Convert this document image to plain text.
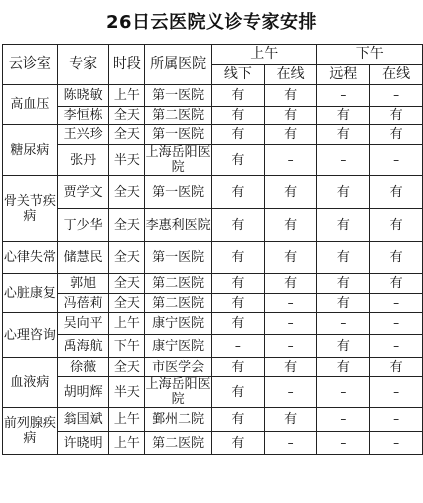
26日云医院义诊专家安排
云诊室	专家	时段	所属医院	上午		下午	
				线下	在线	远程	在线
高血压	陈晓敏	上午	第一医院	有	有	–	–
	李恒栋	全天	第二医院	有	有	有	有
糖尿病	王兴珍	全天	第一医院	有	有	有	有
	张丹	半天	上海岳阳医院	有	–	–	–
骨关节疾病	贾学文	全天	第一医院	有	有	有	有
	丁少华	全天	李惠利医院	有	有	有	有
心律失常	储慧民	全天	第一医院	有	有	有	有
心脏康复	郭旭	全天	第二医院	有	有	有	有
	冯蓓莉	全天	第二医院	有	–	有	–
心理咨询	吴向平	上午	康宁医院	有	–	–	–
	禹海航	下午	康宁医院	–	–	有	–
血液病	徐薇	全天	市医学会	有	有	有	有
	胡明辉	半天	上海岳阳医院	有	–	–	–
前列腺疾病	翁国斌	上午	鄞州二院	有	有	–	–
	许晓明	上午	第二医院	有	–	–	–
